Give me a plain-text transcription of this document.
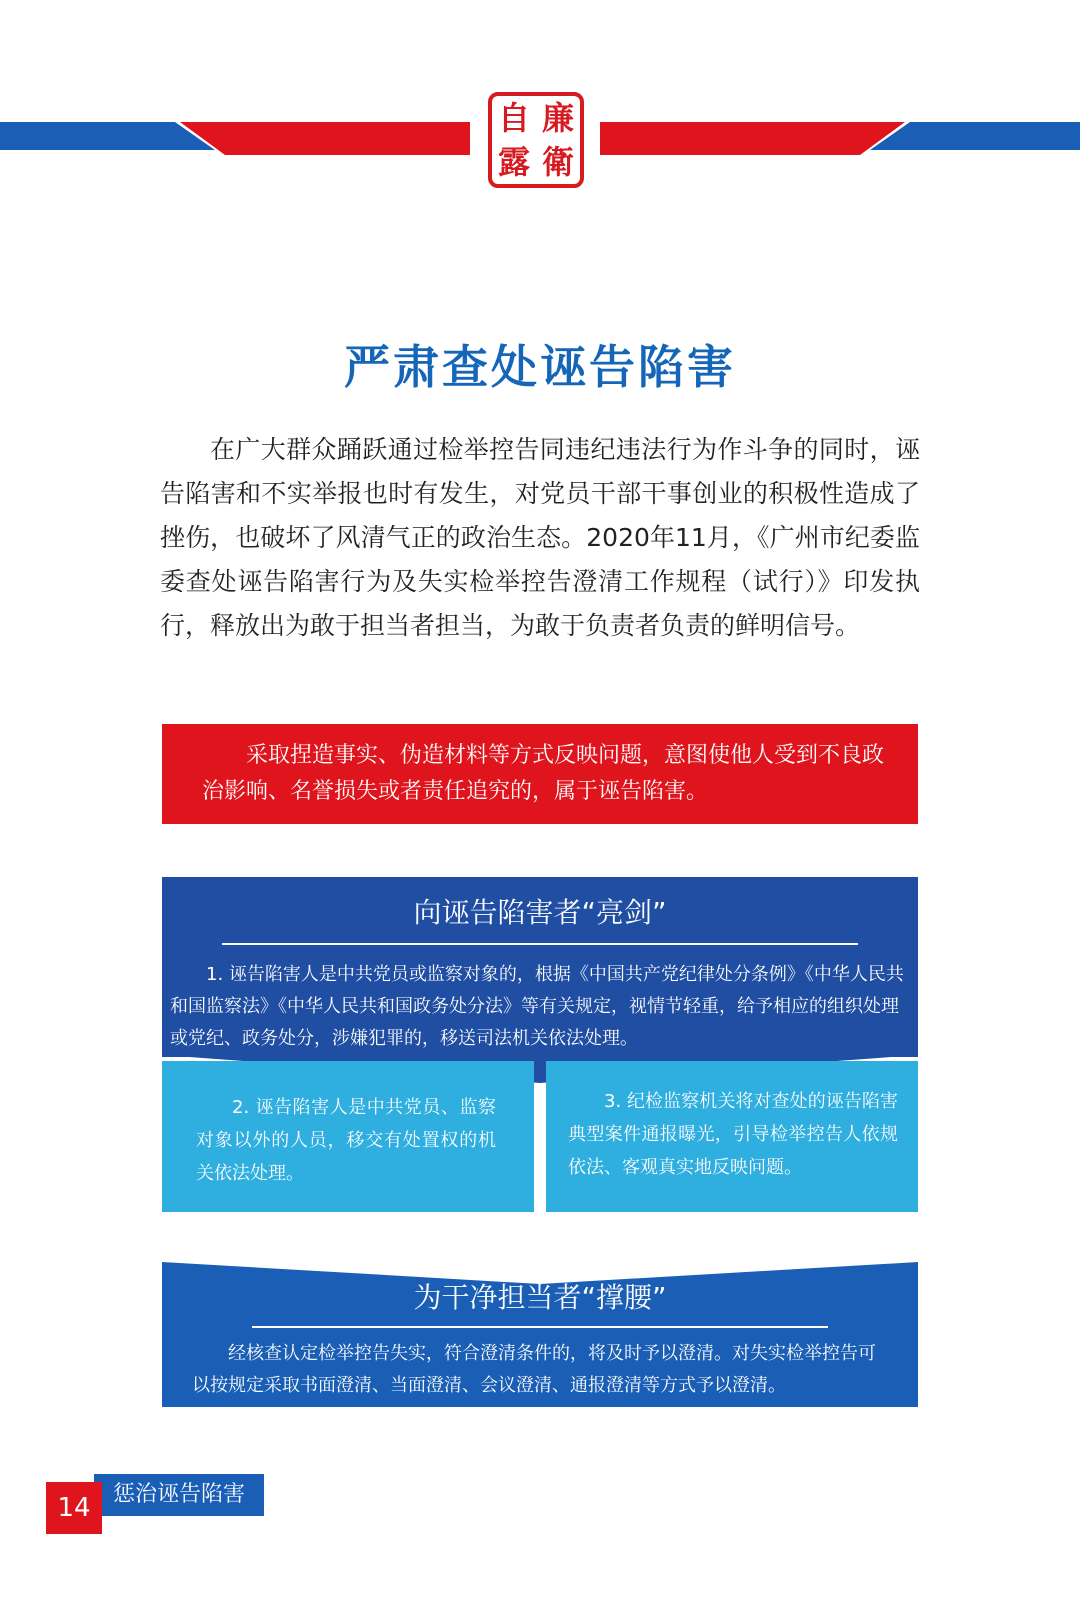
自 廉
露 衛
严肃查处诬告陷害

在广大群众踊跃通过检举控告同违纪违法行为作斗争的同时，诬告陷害和不实举报也时有发生，对党员干部干事创业的积极性造成了挫伤，也破坏了风清气正的政治生态。2020年11月，《广州市纪委监委查处诬告陷害行为及失实检举控告澄清工作规程（试行）》印发执行，释放出为敢于担当者担当，为敢于负责者负责的鲜明信号。

采取捏造事实、伪造材料等方式反映问题，意图使他人受到不良政治影响、名誉损失或者责任追究的，属于诬告陷害。

向诬告陷害者“亮剑”

1. 诬告陷害人是中共党员或监察对象的，根据《中国共产党纪律处分条例》《中华人民共和国监察法》《中华人民共和国政务处分法》等有关规定，视情节轻重，给予相应的组织处理或党纪、政务处分，涉嫌犯罪的，移送司法机关依法处理。

2. 诬告陷害人是中共党员、监察对象以外的人员，移交有处置权的机关依法处理。

3. 纪检监察机关将对查处的诬告陷害典型案件通报曝光，引导检举控告人依规依法、客观真实地反映问题。

为干净担当者“撑腰”

经核查认定检举控告失实，符合澄清条件的，将及时予以澄清。对失实检举控告可以按规定采取书面澄清、当面澄清、会议澄清、通报澄清等方式予以澄清。

惩治诬告陷害
14
